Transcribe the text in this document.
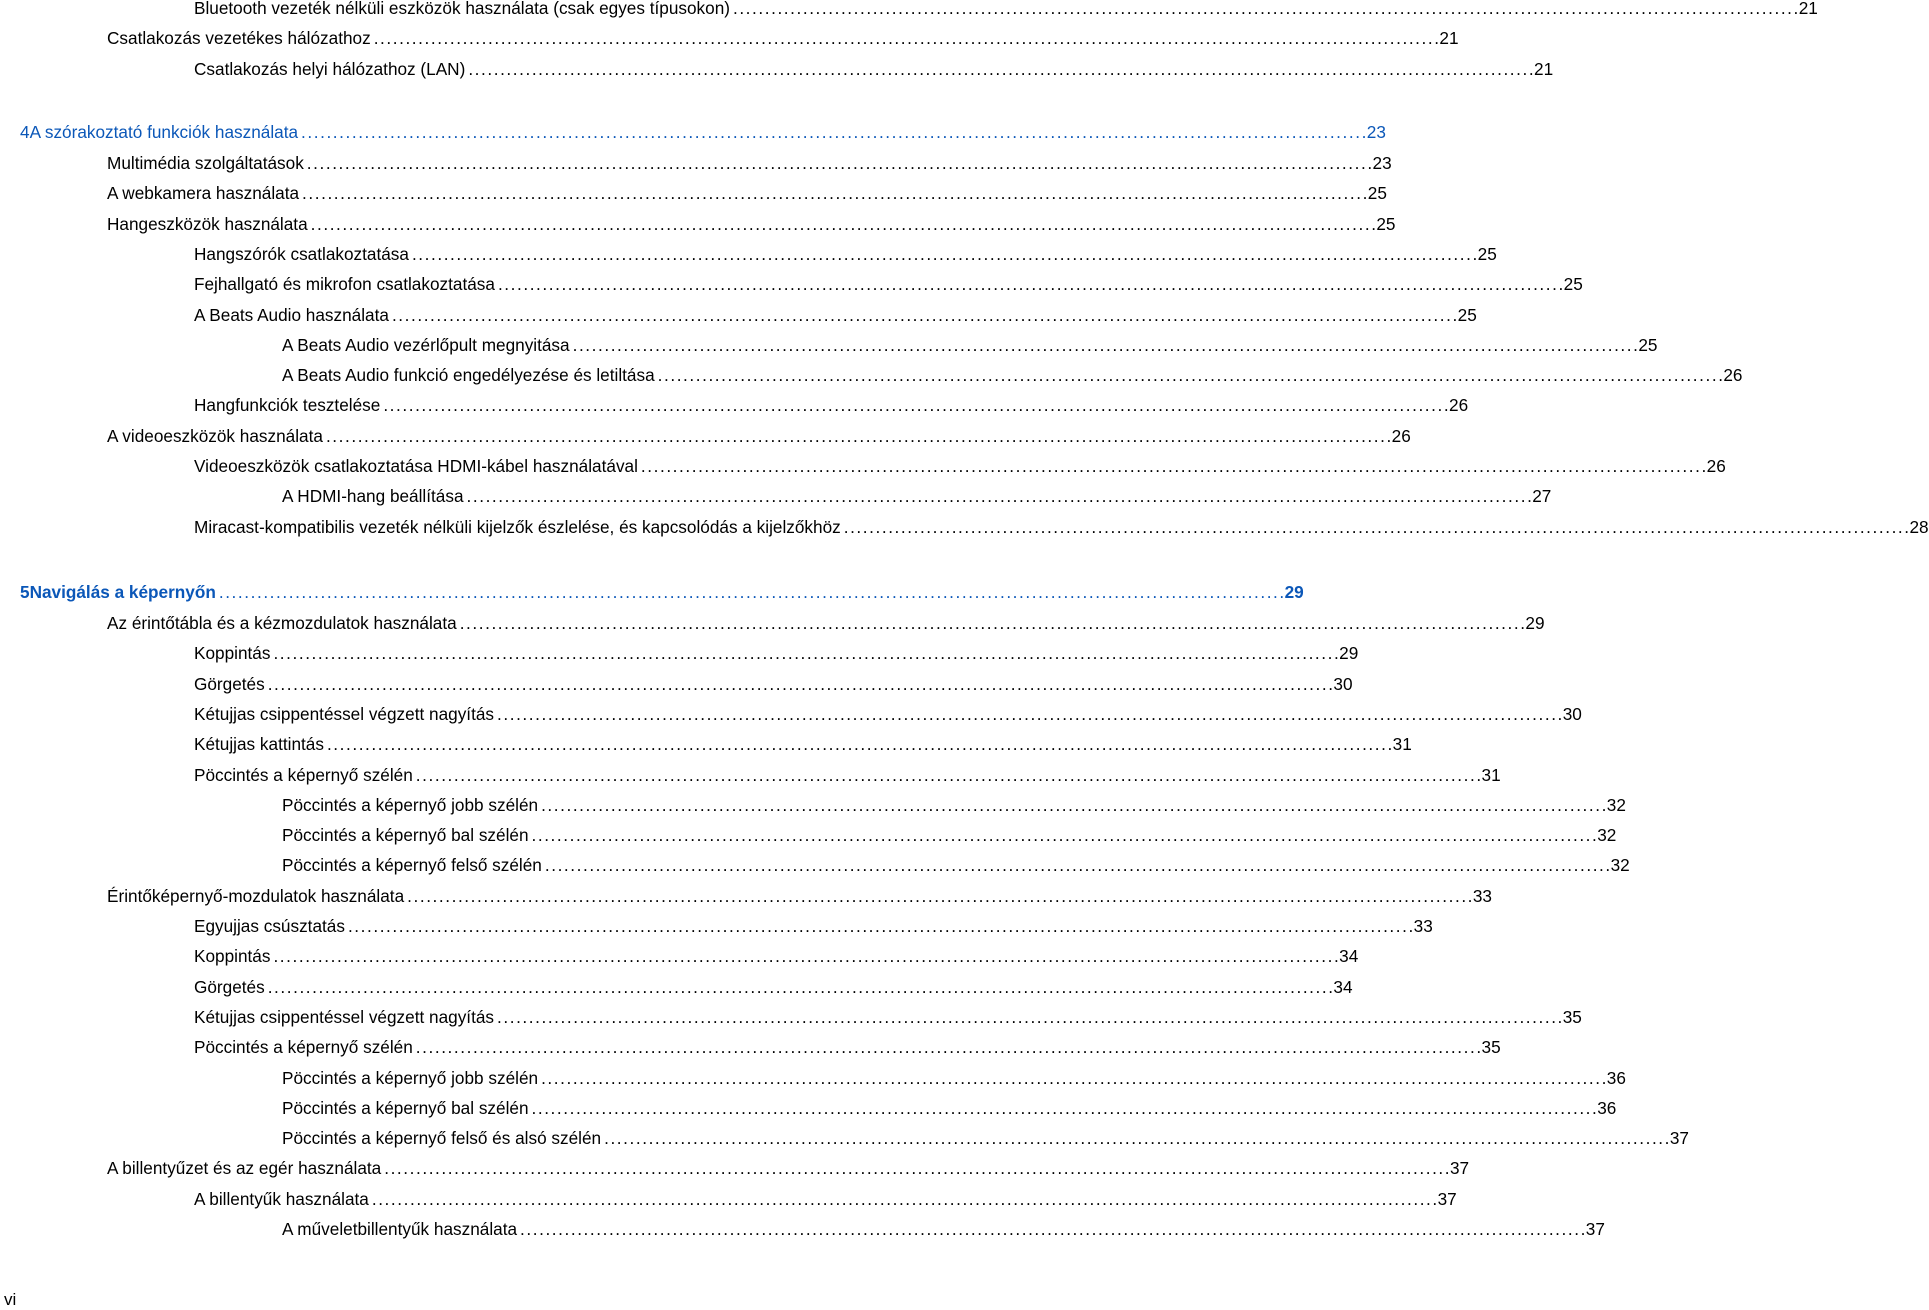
Bluetooth vezeték nélküli eszközök használata (csak egyes típusokon) . . .	21
Csatlakozás vezetékes hálózathoz . . .	21
Csatlakozás helyi hálózathoz (LAN) . . .	21
4 A szórakoztató funkciók használata . . .	23
Multimédia szolgáltatások . . .	23
A webkamera használata . . .	25
Hangeszközök használata . . .	25
Hangszórók csatlakoztatása . . .	25
Fejhallgató és mikrofon csatlakoztatása . . .	25
A Beats Audio használata . . .	25
A Beats Audio vezérlőpult megnyitása . . .	25
A Beats Audio funkció engedélyezése és letiltása . . .	26
Hangfunkciók tesztelése . . .	26
A videoeszközök használata . . .	26
Videoeszközök csatlakoztatása HDMI-kábel használatával . . .	26
A HDMI-hang beállítása . . .	27
Miracast-kompatibilis vezeték nélküli kijelzők észlelése, és kapcsolódás a kijelzőkhöz . . .	28
5 Navigálás a képernyőn . . .	29
Az érintőtábla és a kézmozdulatok használata . . .	29
Koppintás . . .	29
Görgetés . . .	30
Kétujjas csippentéssel végzett nagyítás . . .	30
Kétujjas kattintás . . .	31
Pöccintés a képernyő szélén . . .	31
Pöccintés a képernyő jobb szélén . . .	32
Pöccintés a képernyő bal szélén . . .	32
Pöccintés a képernyő felső szélén . . .	32
Érintőképernyő-mozdulatok használata . . .	33
Egyujjas csúsztatás . . .	33
Koppintás . . .	34
Görgetés . . .	34
Kétujjas csippentéssel végzett nagyítás . . .	35
Pöccintés a képernyő szélén . . .	35
Pöccintés a képernyő jobb szélén . . .	36
Pöccintés a képernyő bal szélén . . .	36
Pöccintés a képernyő felső és alsó szélén . . .	37
A billentyűzet és az egér használata . . .	37
A billentyűk használata . . .	37
A műveletbillentyűk használata . . .	37
vi
